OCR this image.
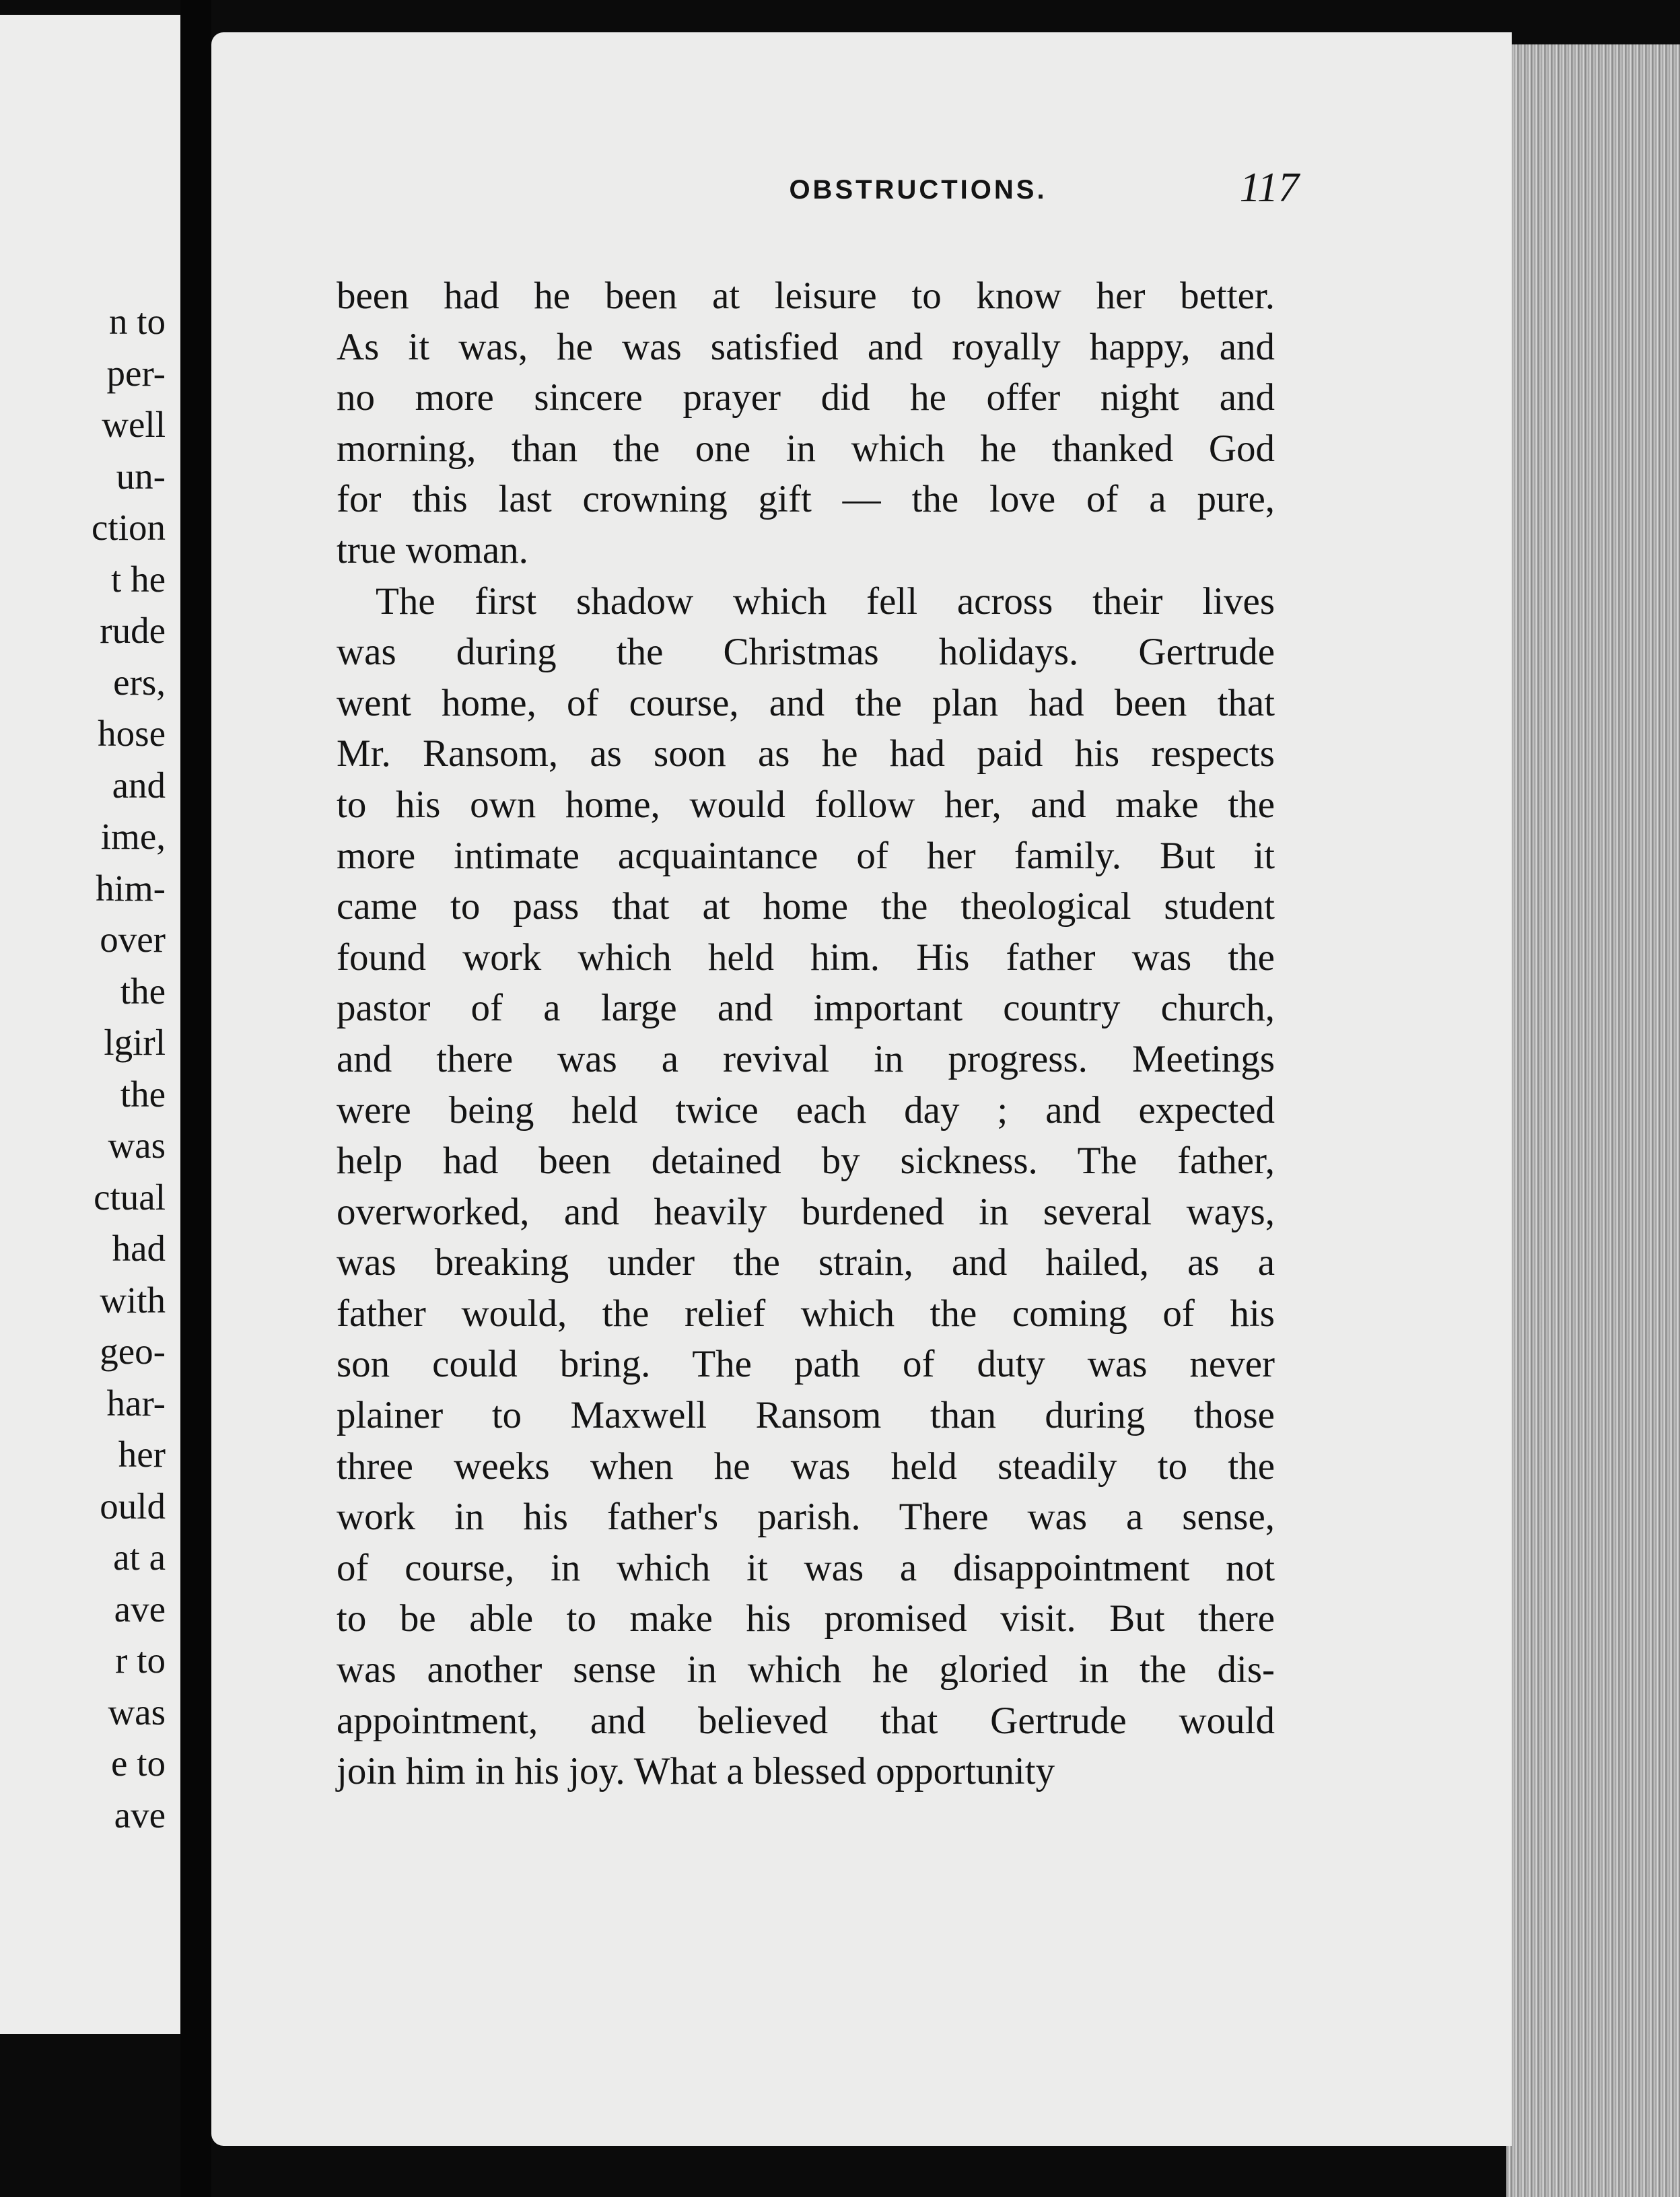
n to
per-
well
un-
ction
t he
rude
ers,
hose
and
ime,
him-
over
the
lgirl
the
was
ctual
had
with
geo-
har-
her
ould
at a
ave
r to
was
e to
ave
OBSTRUCTIONS.	117
been had he been at leisure to know her better.
As it was, he was satisfied and royally happy, and
no more sincere prayer did he offer night and
morning, than the one in which he thanked God
for this last crowning gift — the love of a pure,
true woman.
The first shadow which fell across their lives
was during the Christmas holidays. Gertrude
went home, of course, and the plan had been that
Mr. Ransom, as soon as he had paid his respects
to his own home, would follow her, and make the
more intimate acquaintance of her family. But it
came to pass that at home the theological student
found work which held him. His father was the
pastor of a large and important country church,
and there was a revival in progress. Meetings
were being held twice each day ; and expected
help had been detained by sickness. The father,
overworked, and heavily burdened in several ways,
was breaking under the strain, and hailed, as a
father would, the relief which the coming of his
son could bring. The path of duty was never
plainer to Maxwell Ransom than during those
three weeks when he was held steadily to the
work in his father's parish. There was a sense,
of course, in which it was a disappointment not
to be able to make his promised visit. But there
was another sense in which he gloried in the dis-
appointment, and believed that Gertrude would
join him in his joy. What a blessed opportunity
